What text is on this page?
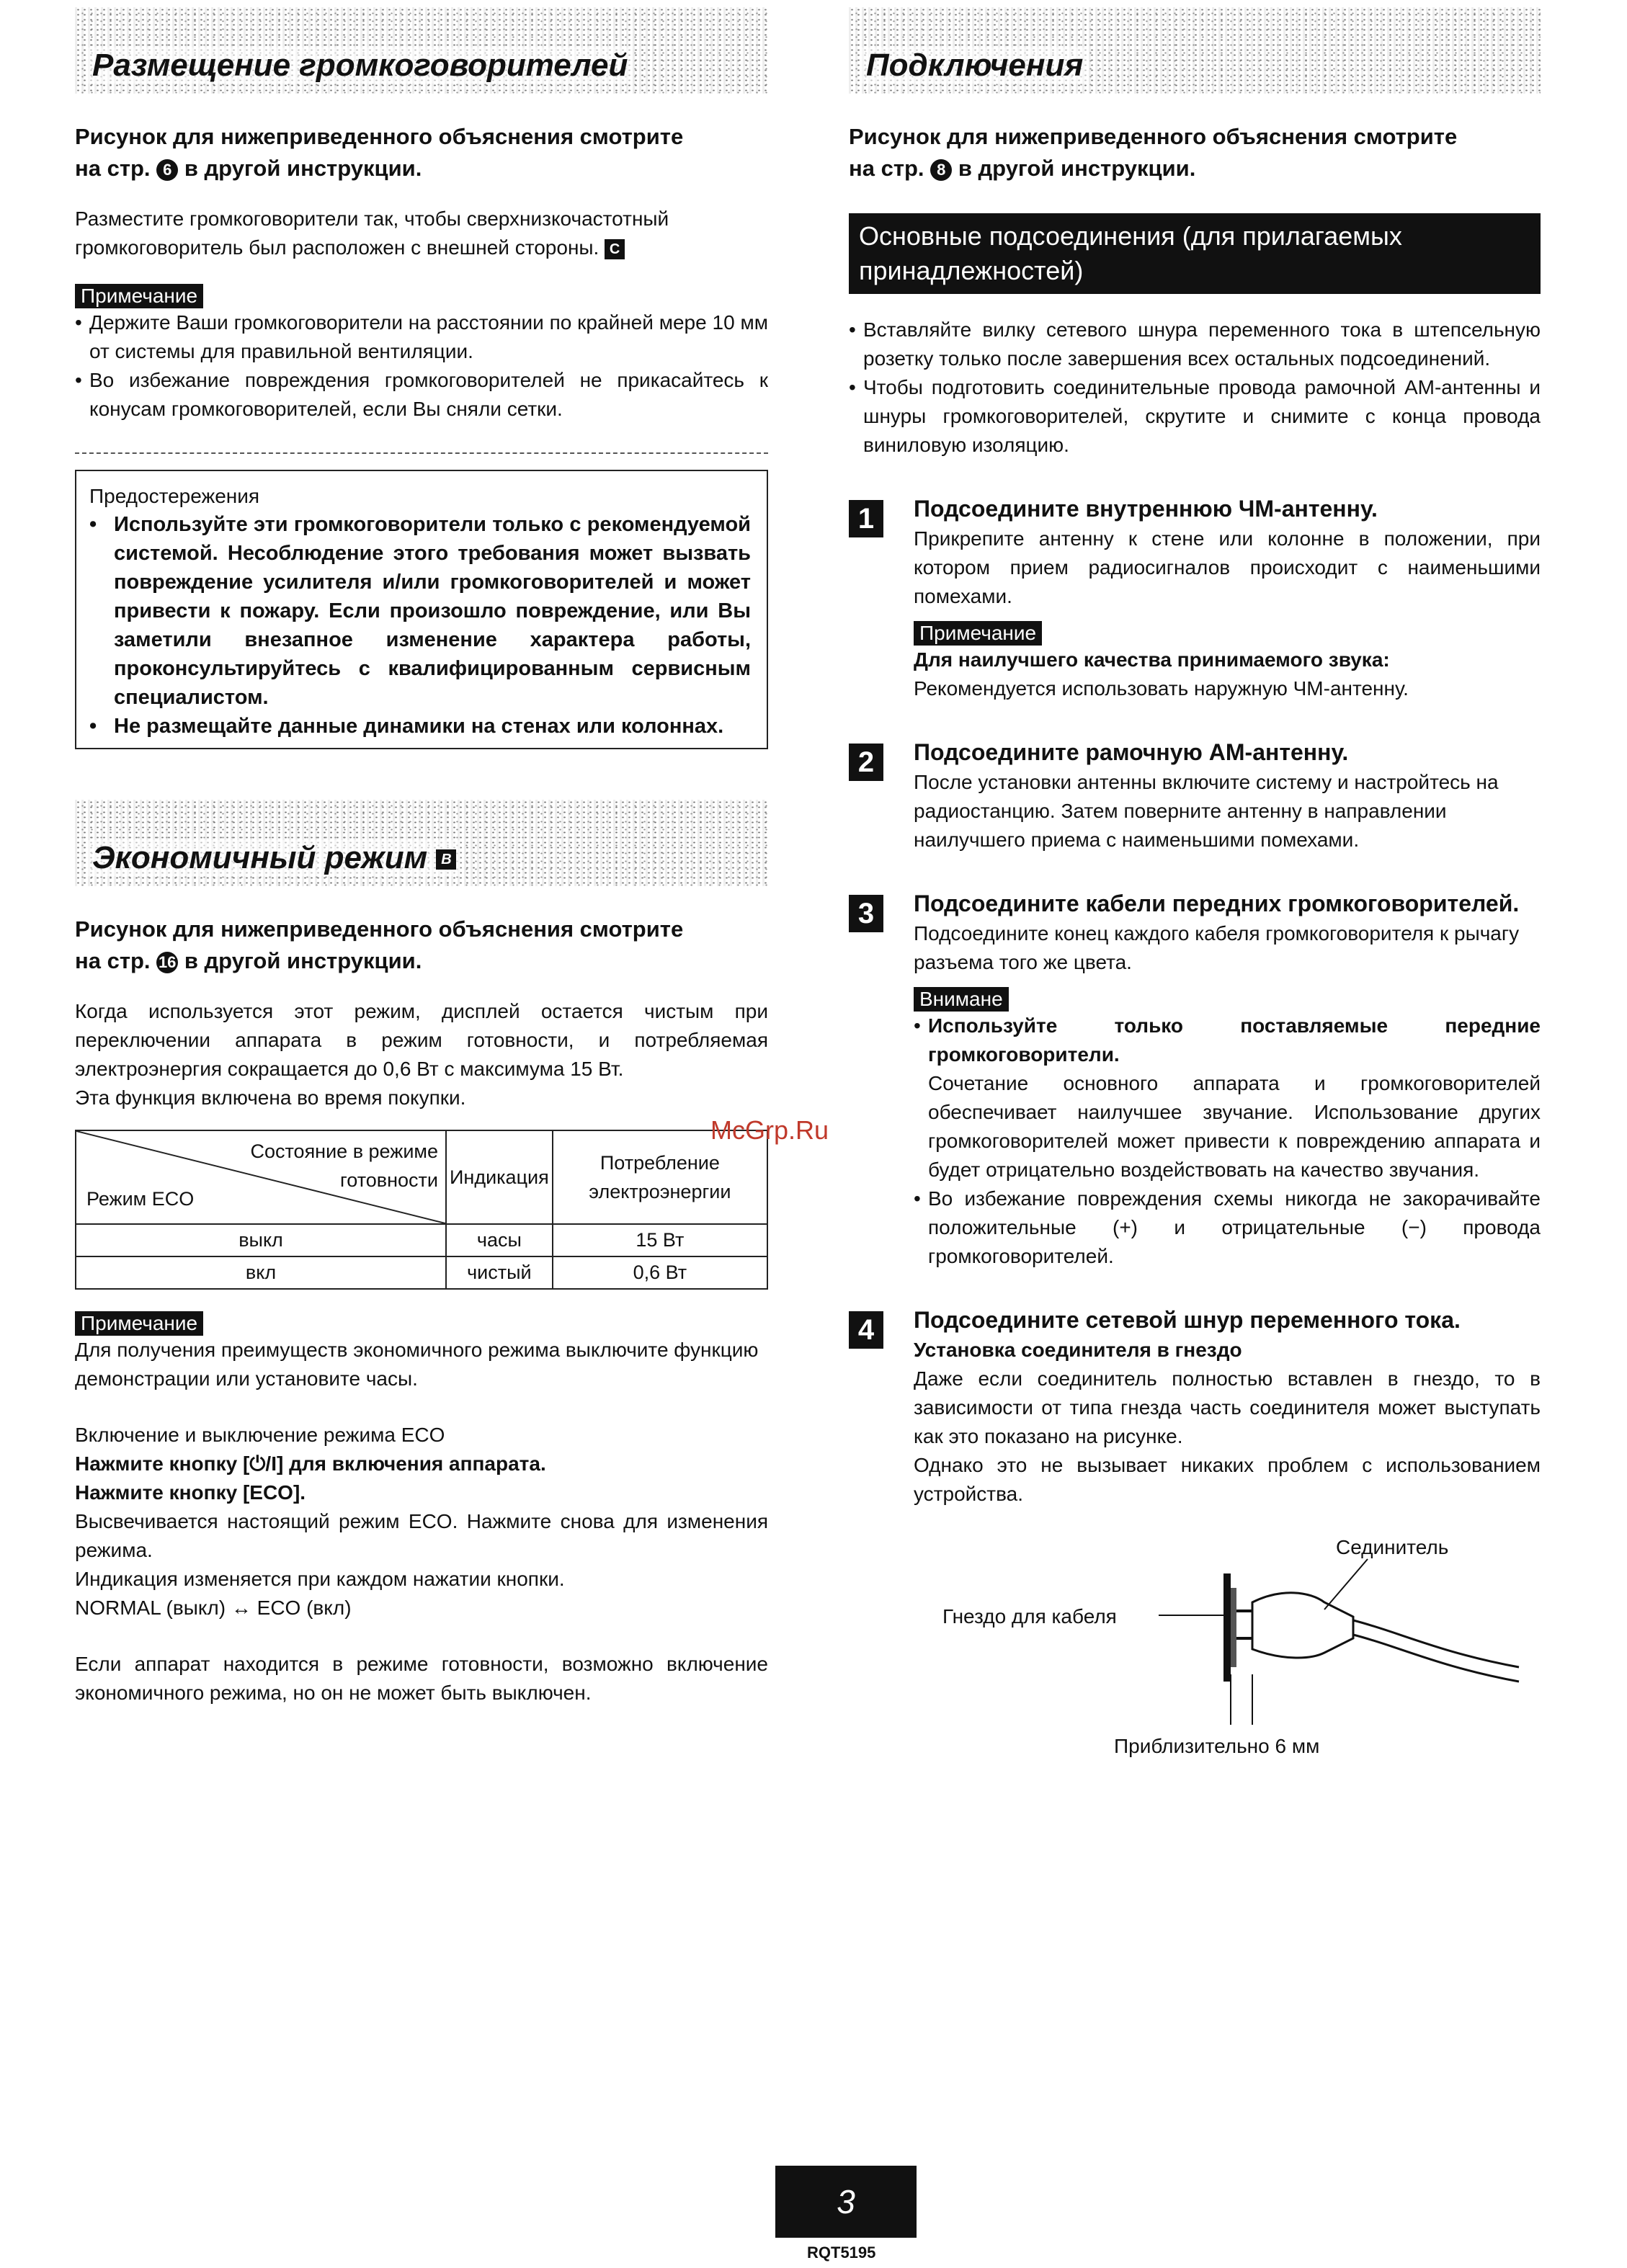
Размещение громкоговорителей
Рисунок для нижеприведенного объяснения смотрите
на стр. 6 в другой инструкции.

Разместите громкоговорители так, чтобы сверхнизкочастотный громкоговоритель был расположен с внешней стороны. C

Примечание
• Держите Ваши громкоговорители на расстоянии по крайней мере 10 мм от системы для правильной вентиляции.
• Во избежание повреждения громкоговорителей не прикасайтесь к конусам громкоговорителей, если Вы сняли сетки.
Предостережения
• Используйте эти громкоговорители только с рекомендуемой системой. Несоблюдение этого требования может вызвать повреждение усилителя и/или громкоговорителей и может привести к пожару. Если произошло повреждение, или Вы заметили внезапное изменение характера работы, проконсультируйтесь с квалифицированным сервисным специалистом.
• Не размещайте данные динамики на стенах или колоннах.
Экономичный режим B
Рисунок для нижеприведенного объяснения смотрите
на стр. 16 в другой инструкции.

Когда используется этот режим, дисплей остается чистым при переключении аппарата в режим готовности, и потребляемая электроэнергия сокращается до 0,6 Вт с максимума 15 Вт.

Эта функция включена во время покупки.

Состояние в режиме готовности
Режим ECO	Индикация	Потребление электроэнергии
выкл	часы	15 Вт
вкл	чистый	0,6 Вт
Примечание

Для получения преимуществ экономичного режима выключите функцию демонстрации или установите часы.

Включение и выключение режима ECO

Нажмите кнопку [⏻/I] для включения аппарата.

Нажмите кнопку [ECO].

Высвечивается настоящий режим ECO. Нажмите снова для изменения режима.

Индикация изменяется при каждом нажатии кнопки.

NORMAL (выкл) ↔ ECO (вкл)

Если аппарат находится в режиме готовности, возможно включение экономичного режима, но он не может быть выключен.

Подключения
Рисунок для нижеприведенного объяснения смотрите
на стр. 8 в другой инструкции.
Основные подсоединения (для прилагаемых принадлежностей)
• Вставляйте вилку сетевого шнура переменного тока в штепсельную розетку только после завершения всех остальных подсоединений.
• Чтобы подготовить соединительные провода рамочной AM-антенны и шнуры громкоговорителей, скрутите и снимите с конца провода виниловую изоляцию.
1	Подсоедините внутреннюю ЧМ-антенну.

Прикрепите антенну к стене или колонне в положении, при котором прием радиосигналов происходит с наименьшими помехами.

Примечание

Для наилучшего качества принимаемого звука:

Рекомендуется использовать наружную ЧМ-антенну.

2	Подсоедините рамочную АМ-антенну.

После установки антенны включите систему и настройтесь на радиостанцию. Затем поверните антенну в направлении наилучшего приема с наименьшими помехами.

3	Подсоедините кабели передних громкоговорителей.

Подсоедините конец каждого кабеля громкоговорителя к рычагу разъема того же цвета.

Внимане
• Используйте только поставляемые передние громкоговорители.
Сочетание основного аппарата и громкоговорителей обеспечивает наилучшее звучание. Использование других громкоговорителей может привести к повреждению аппарата и будет отрицательно воздействовать на качество звучания.
• Во избежание повреждения схемы никогда не закорачивайте положительные (+) и отрицательные (−) провода громкоговорителей.
4	Подсоедините сетевой шнур переменного тока.

Установка соединителя в гнездо

Даже если соединитель полностью вставлен в гнездо, то в зависимости от типа гнезда часть соединителя может выступать как это показано на рисунке.

Однако это не вызывает никаких проблем с использованием устройства.

Сединитель
Гнездо для кабеля
Приблизительно 6 мм
McGrp.Ru
3
RQT5195
